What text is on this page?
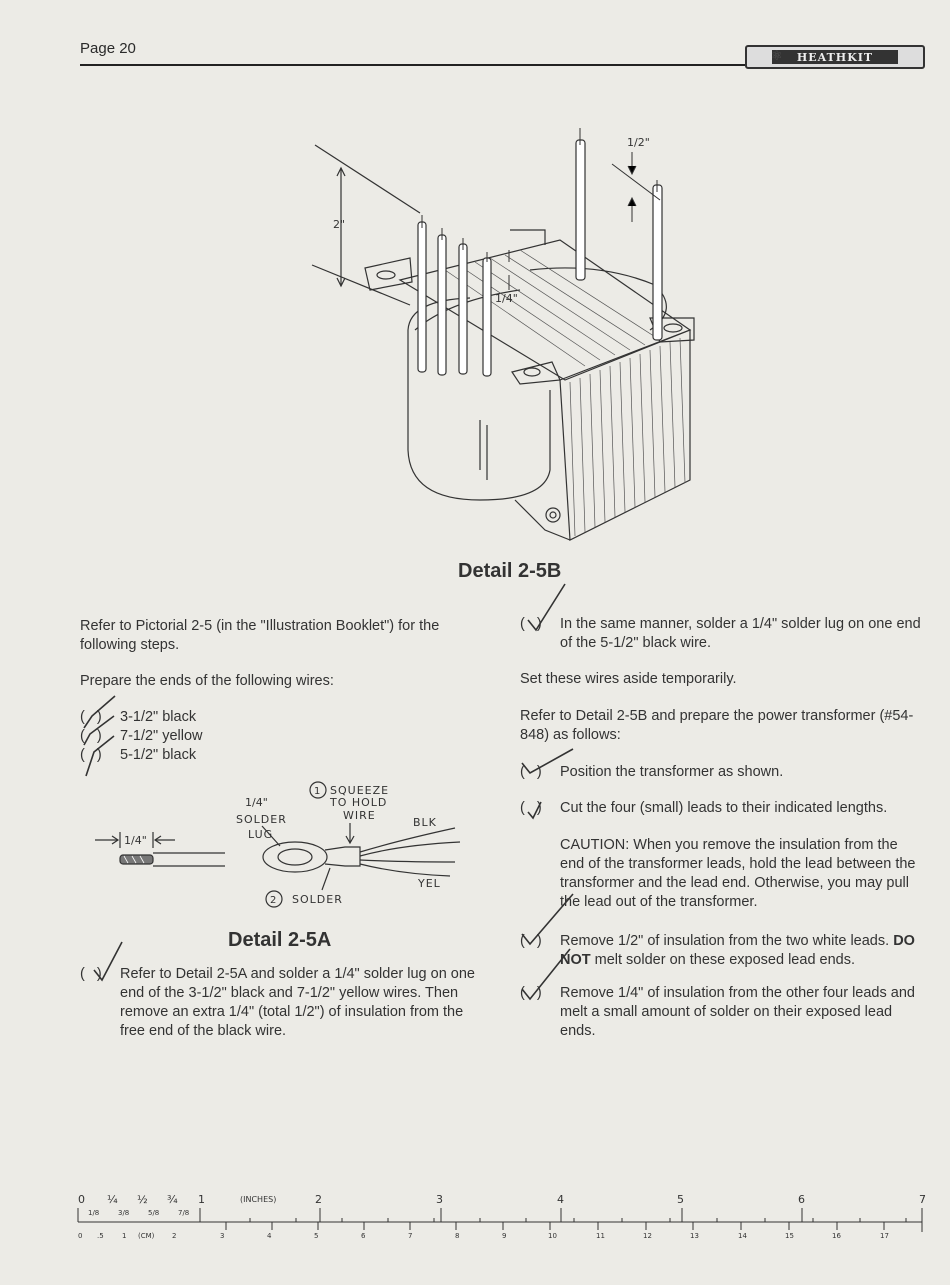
Page 20	⚛	HEATHKIT
2"
1/4"
1/2"
Detail 2-5B
Refer to Pictorial 2-5 (in the "Illustration Booklet") for the following steps.
Prepare the ends of the following wires:
(   ) 3-1/2" black
(   ) 7-1/2" yellow
(   ) 5-1/2" black
1/4"
1/4"
SOLDER
LUG
1 SQUEEZE
TO HOLD
WIRE
2 SOLDER
BLK
YEL
Detail 2-5A
(   ) Refer to Detail 2-5A and solder a 1/4" solder lug on one end of the 3-1/2" black and 7-1/2" yellow wires. Then remove an extra 1/4" (total 1/2") of insulation from the free end of the black wire.
(   ) In the same manner, solder a 1/4" solder lug on one end of the 5-1/2" black wire.
Set these wires aside temporarily.
Refer to Detail 2-5B and prepare the power transformer (#54-848) as follows:
(   ) Position the transformer as shown.
(   ) Cut the four (small) leads to their indicated lengths.
CAUTION: When you remove the insulation from the end of the transformer leads, hold the lead between the transformer and the lead end. Otherwise, you may pull the lead out of the transformer.
(   ) Remove 1/2" of insulation from the two white leads. DO NOT melt solder on these exposed lead ends.
(   ) Remove 1/4" of insulation from the other four leads and melt a small amount of solder on their exposed lead ends.
0 ¼ ½ ¾ 1	(INCHES)	2	3	4	5	6	7
1/8	3/8	5/8	7/8
0 .5	1 (CM)	2	3	4	5	6	7	8	9	10	11	12	13	14	15	16	17
